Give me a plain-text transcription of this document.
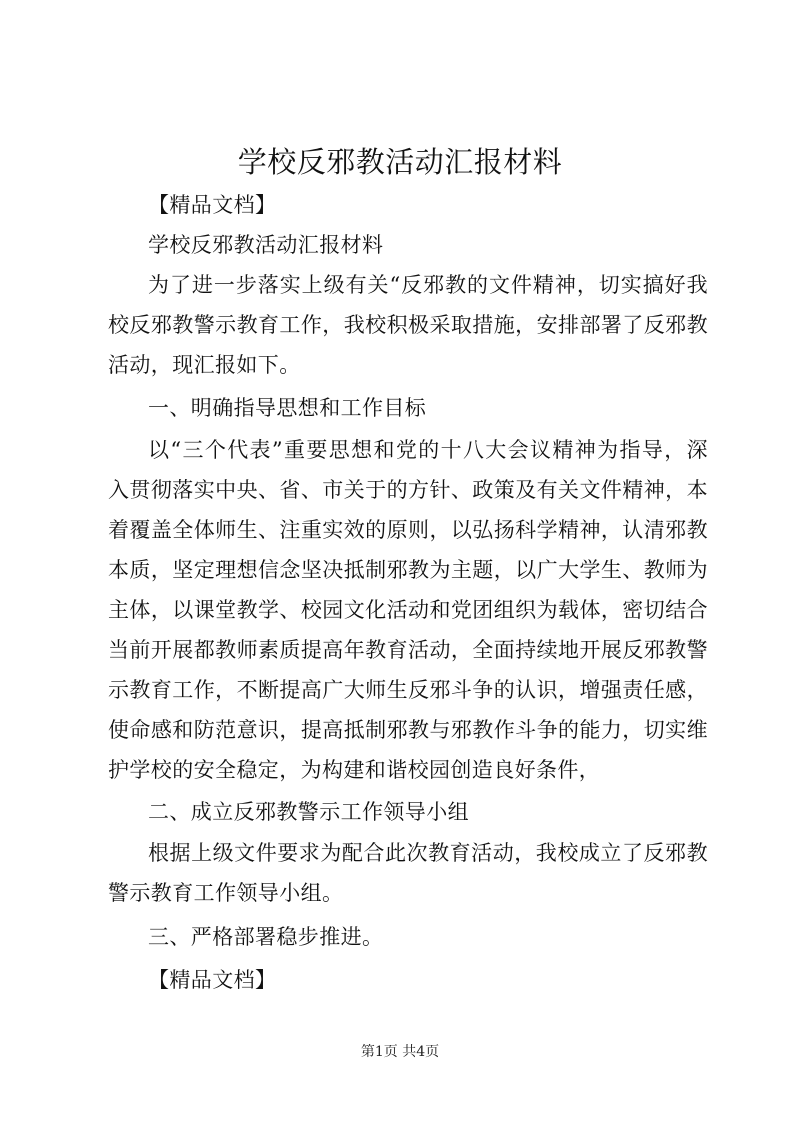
学校反邪教活动汇报材料
【精品文档】
学校反邪教活动汇报材料
为了进一步落实上级有关“反邪教的文件精神，切实搞好我
校反邪教警示教育工作，我校积极采取措施，安排部署了反邪教
活动，现汇报如下。
一、明确指导思想和工作目标
以“三个代表”重要思想和党的十八大会议精神为指导，深
入贯彻落实中央、省、市关于的方针、政策及有关文件精神，本
着覆盖全体师生、注重实效的原则，以弘扬科学精神，认清邪教
本质，坚定理想信念坚决抵制邪教为主题，以广大学生、教师为
主体，以课堂教学、校园文化活动和党团组织为载体，密切结合
当前开展都教师素质提高年教育活动，全面持续地开展反邪教警
示教育工作，不断提高广大师生反邪斗争的认识，增强责任感，
使命感和防范意识，提高抵制邪教与邪教作斗争的能力，切实维
护学校的安全稳定，为构建和谐校园创造良好条件，
二、成立反邪教警示工作领导小组
根据上级文件要求为配合此次教育活动，我校成立了反邪教
警示教育工作领导小组。
三、严格部署稳步推进。
【精品文档】
第1页 共4页
